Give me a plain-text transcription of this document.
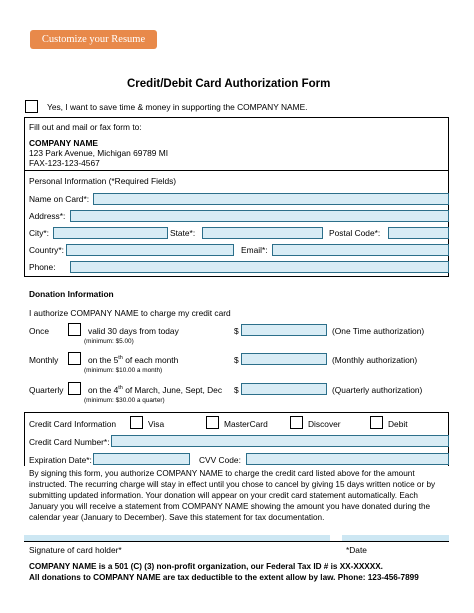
Customize your Resume
Credit/Debit Card Authorization Form
Yes, I want to save time & money in supporting the COMPANY NAME.
Fill out and mail or fax form to:
COMPANY NAME
123 Park Avenue, Michigan 69789 MI
FAX-123-123-4567
Personal Information (*Required Fields)
Name on Card*:
Address*:
City*:	State*:	Postal Code*:
Country*:	Email*:
Phone:
Donation Information
I authorize COMPANY NAME to charge my credit card
Once	valid 30 days from today
(minimum: $5.00)
$	(One Time authorization)
Monthly	on the 5th of each month
(minimum: $10.00 a month)
$	(Monthly authorization)
Quarterly	on the 4th of March, June, Sept, Dec
(minimum: $30.00 a quarter)
$	(Quarterly authorization)
Credit Card Information	Visa	MasterCard	Discover	Debit
Credit Card Number*:
Expiration Date*:	CVV Code:
By signing this form, you authorize COMPANY NAME to charge the credit card listed above for the amount instructed. The recurring charge will stay in effect until you chose to cancel by giving 15 days written notice or by submitting updated information. Your donation will appear on your credit card statement automatically. Each January you will receive a statement from COMPANY NAME showing the amount you have donated during the calendar year (January to December). Save this statement for tax documentation.
Signature of card holder*	*Date
COMPANY NAME is a 501 (C) (3) non-profit organization, our Federal Tax ID # is XX-XXXXX.
All donations to COMPANY NAME are tax deductible to the extent allow by law. Phone: 123-456-7899
